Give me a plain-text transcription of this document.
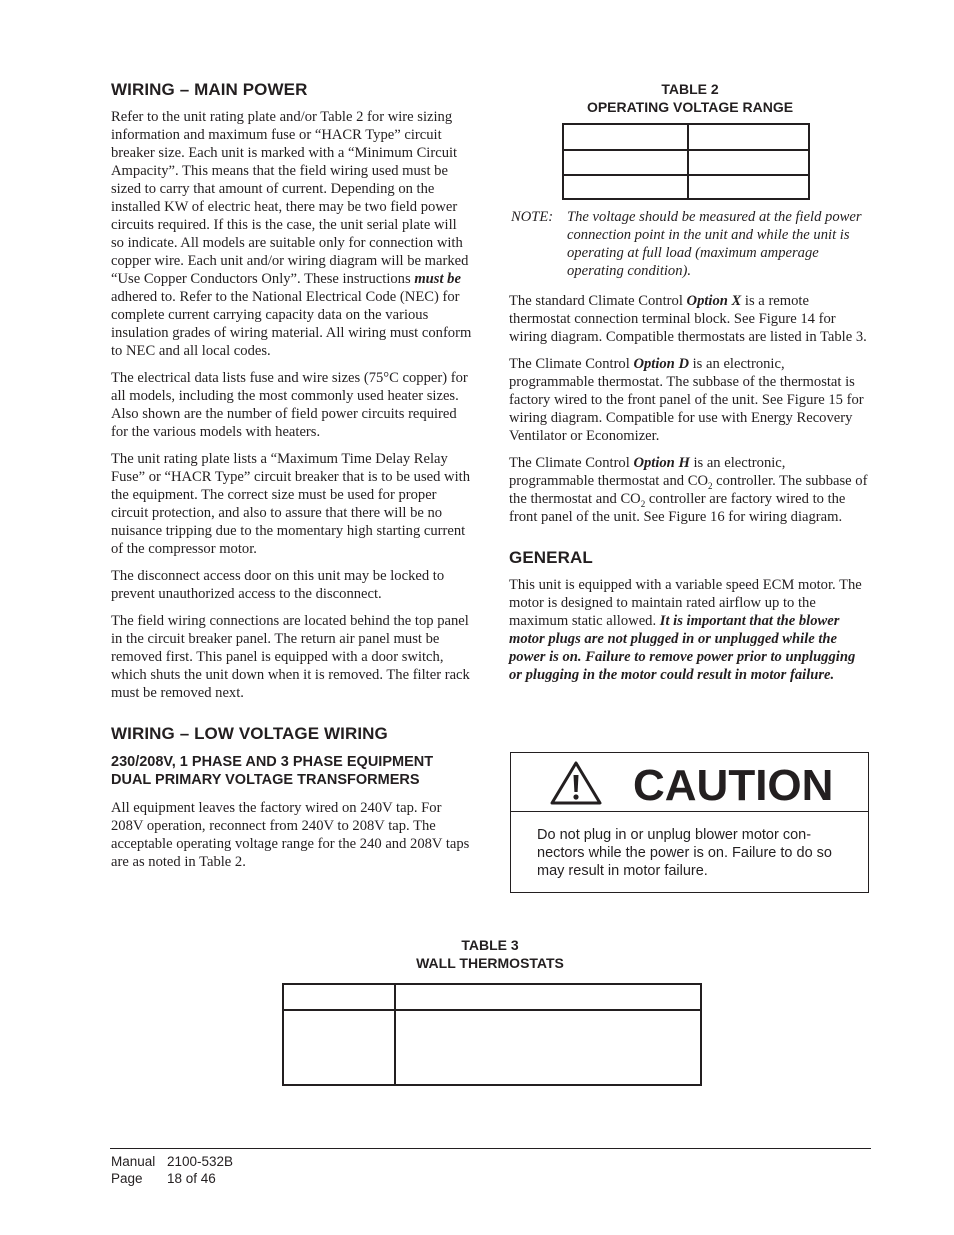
WIRING – MAIN POWER

Refer to the unit rating plate and/or Table 2 for wire sizing information and maximum fuse or “HACR Type” circuit breaker size. Each unit is marked with a “Minimum Circuit Ampacity”. This means that the field wiring used must be sized to carry that amount of current. Depending on the installed KW of electric heat, there may be two field power circuits required. If this is the case, the unit serial plate will so indicate. All models are suitable only for connection with copper wire. Each unit and/or wiring diagram will be marked “Use Copper Conductors Only”. These instructions must be adhered to. Refer to the National Electrical Code (NEC) for complete current carrying capacity data on the various insulation grades of wiring material. All wiring must conform to NEC and all local codes.

The electrical data lists fuse and wire sizes (75°C copper) for all models, including the most commonly used heater sizes. Also shown are the number of field power circuits required for the various models with heaters.

The unit rating plate lists a “Maximum Time Delay Relay Fuse” or “HACR Type” circuit breaker that is to be used with the equipment. The correct size must be used for proper circuit protection, and also to assure that there will be no nuisance tripping due to the momentary high starting current of the compressor motor.

The disconnect access door on this unit may be locked to prevent unauthorized access to the disconnect.

The field wiring connections are located behind the top panel in the circuit breaker panel. The return air panel must be removed first. This panel is equipped with a door switch, which shuts the unit down when it is removed. The filter rack must be removed next.

WIRING – LOW VOLTAGE WIRING
230/208V, 1 PHASE AND 3 PHASE EQUIPMENT DUAL PRIMARY VOLTAGE TRANSFORMERS

All equipment leaves the factory wired on 240V tap. For 208V operation, reconnect from 240V to 208V tap. The acceptable operating voltage range for the 240 and 208V taps are as noted in Table 2.

TABLE 2
OPERATING VOLTAGE RANGE

NOTE: The voltage should be measured at the field power connection point in the unit and while the unit is operating at full load (maximum amperage operating condition).

The standard Climate Control Option X is a remote thermostat connection terminal block. See Figure 14 for wiring diagram. Compatible thermostats are listed in Table 3.

The Climate Control Option D is an electronic, programmable thermostat. The subbase of the thermostat is factory wired to the front panel of the unit. See Figure 15 for wiring diagram. Compatible for use with Energy Recovery Ventilator or Economizer.

The Climate Control Option H is an electronic, programmable thermostat and $CO_2$ controller. The subbase of the thermostat and $CO_2$ controller are factory wired to the front panel of the unit. See Figure 16 for wiring diagram.

GENERAL

This unit is equipped with a variable speed ECM motor. The motor is designed to maintain rated airflow up to the maximum static allowed. It is important that the blower motor plugs are not plugged in or unplugged while the power is on. Failure to remove power prior to unplugging or plugging in the motor could result in motor failure.

CAUTION
Do not plug in or unplug blower motor con-nectors while the power is on. Failure to do so may result in motor failure.
TABLE 3
WALL THERMOSTATS

Manual 2100-532B
Page 18 of 46
